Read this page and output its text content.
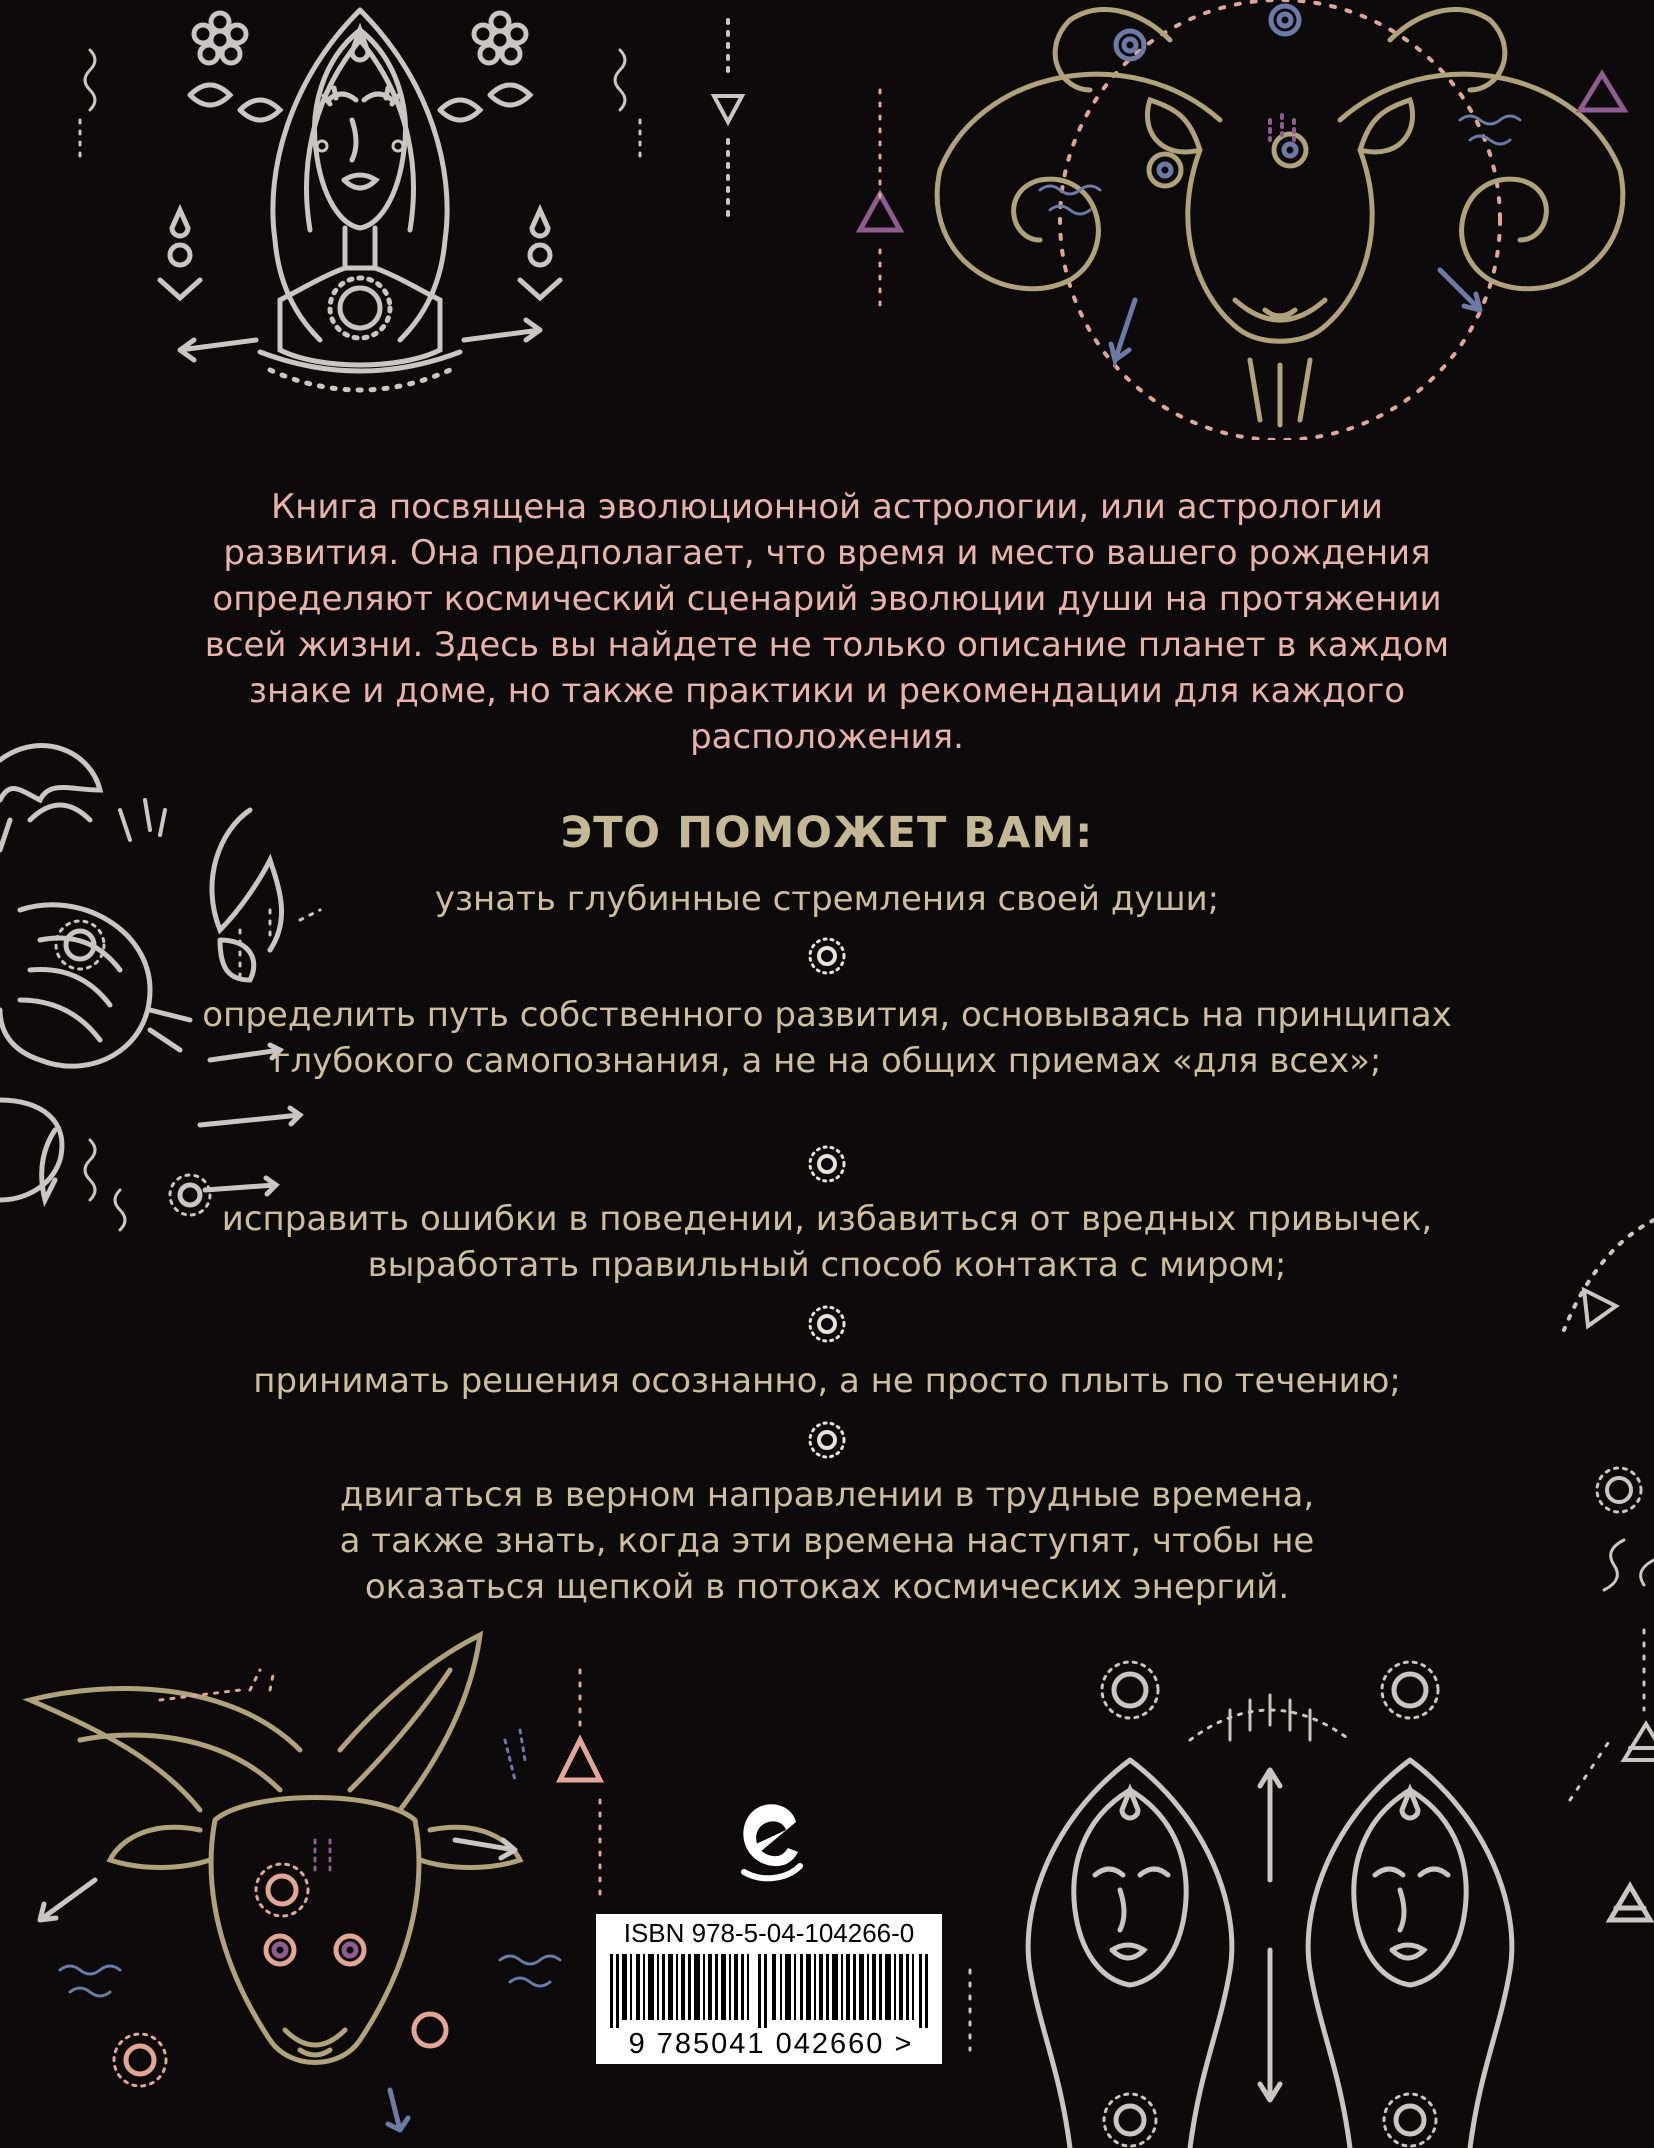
Книга посвящена эволюционной астрологии, или астрологии развития. Она предполагает, что время и место вашего рождения определяют космический сценарий эволюции души на протяжении всей жизни. Здесь вы найдете не только описание планет в каждом знаке и доме, но также практики и рекомендации для каждого расположения.

ЭТО ПОМОЖЕТ ВАМ:

узнать глубинные стремления своей души;

определить путь собственного развития, основываясь на принципах глубокого самопознания, а не на общих приемах «для всех»;

исправить ошибки в поведении, избавиться от вредных привычек, выработать правильный способ контакта с миром;

принимать решения осознанно, а не просто плыть по течению;

двигаться в верном направлении в трудные времена, а также знать, когда эти времена наступят, чтобы не оказаться щепкой в потоках космических энергий.

ISBN 978-5-04-104266-0
9 785041 042660 >
